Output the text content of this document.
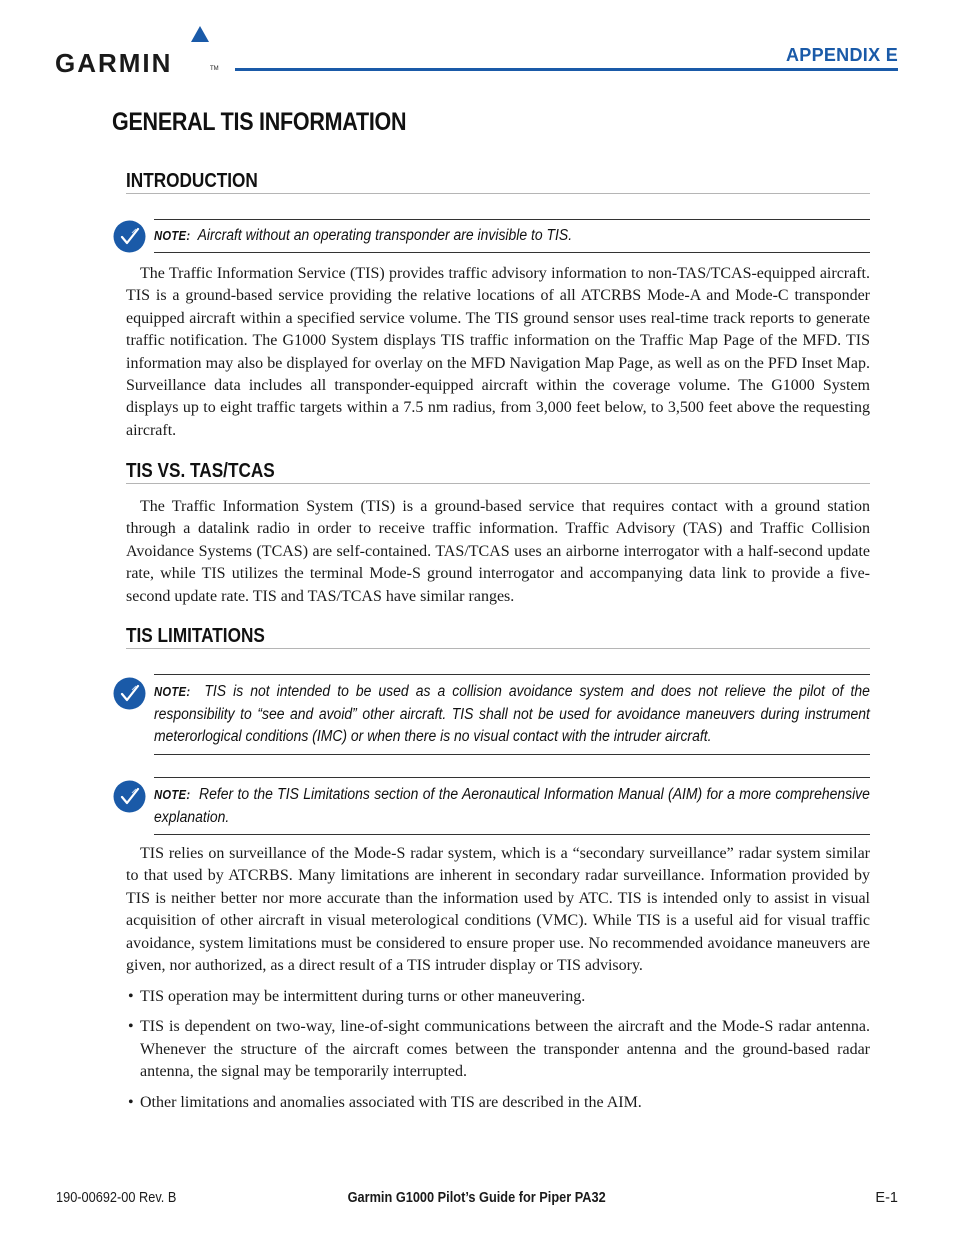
GARMIN	TM
APPENDIX E
GENERAL TIS INFORMATION
INTRODUCTION
NOTE: Aircraft without an operating transponder are invisible to TIS.

The Traffic Information Service (TIS) provides traffic advisory information to non-TAS/TCAS-equipped aircraft. TIS is a ground-based service providing the relative locations of all ATCRBS Mode-A and Mode-C transponder equipped aircraft within a specified service volume. The TIS ground sensor uses real-time track reports to generate traffic notification. The G1000 System displays TIS traffic information on the Traffic Map Page of the MFD. TIS information may also be displayed for overlay on the MFD Navigation Map Page, as well as on the PFD Inset Map. Surveillance data includes all transponder-equipped aircraft within the coverage volume. The G1000 System displays up to eight traffic targets within a 7.5 nm radius, from 3,000 feet below, to 3,500 feet above the requesting aircraft.

TIS VS. TAS/TCAS

The Traffic Information System (TIS) is a ground-based service that requires contact with a ground station through a datalink radio in order to receive traffic information. Traffic Advisory (TAS) and Traffic Collision Avoidance Systems (TCAS) are self-contained. TAS/TCAS uses an airborne interrogator with a half-second update rate, while TIS utilizes the terminal Mode-S ground interrogator and accompanying data link to provide a five-second update rate. TIS and TAS/TCAS have similar ranges.

TIS LIMITATIONS
NOTE: TIS is not intended to be used as a collision avoidance system and does not relieve the pilot of the responsibility to “see and avoid” other aircraft. TIS shall not be used for avoidance maneuvers during instrument meterorlogical conditions (IMC) or when there is no visual contact with the intruder aircraft.
NOTE: Refer to the TIS Limitations section of the Aeronautical Information Manual (AIM) for a more comprehensive explanation.

TIS relies on surveillance of the Mode-S radar system, which is a “secondary surveillance” radar system similar to that used by ATCRBS. Many limitations are inherent in secondary radar surveillance. Information provided by TIS is neither better nor more accurate than the information used by ATC. TIS is intended only to assist in visual acquisition of other aircraft in visual meterological conditions (VMC). While TIS is a useful aid for visual traffic avoidance, system limitations must be considered to ensure proper use. No recommended avoidance maneuvers are given, nor authorized, as a direct result of a TIS intruder display or TIS advisory.

• TIS operation may be intermittent during turns or other maneuvering.
• TIS is dependent on two-way, line-of-sight communications between the aircraft and the Mode-S radar antenna. Whenever the structure of the aircraft comes between the transponder antenna and the ground-based radar antenna, the signal may be temporarily interrupted.
• Other limitations and anomalies associated with TIS are described in the AIM.
190-00692-00 Rev. B	Garmin G1000 Pilot’s Guide for Piper PA32	E-1
